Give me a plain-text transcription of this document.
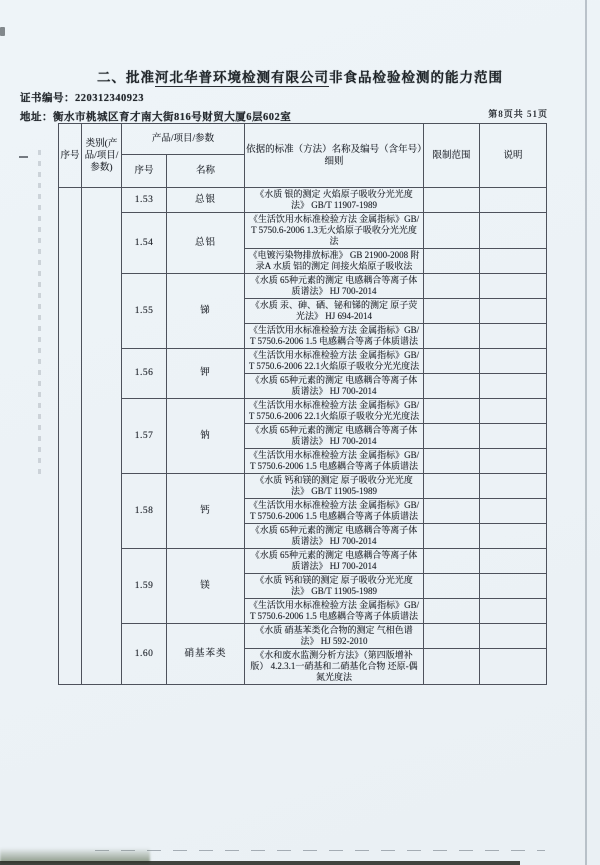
二、批准河北华普环境检测有限公司非食品检验检测的能力范围
证书编号：220312340923
地址：衡水市桃城区育才南大街816号财贸大厦6层602室	第8页共 51页
序号	类别(产品/项目/参数)	产品/项目/参数		依据的标准（方法）名称及编号（含年号）细则	限制范围	说明
		序号	名称			
		1.53	总银	《水质 银的测定 火焰原子吸收分光光度法》 GB/T 11907-1989		
		1.54	总铝	《生活饮用水标准检验方法 金属指标》GB/T 5750.6-2006 1.3无火焰原子吸收分光光度法		
				《电镀污染物排放标准》 GB 21900-2008 附录A 水质 铝的测定 间接火焰原子吸收法		
		1.55	锑	《水质 65种元素的测定 电感耦合等离子体质谱法》 HJ 700-2014		
				《水质 汞、砷、硒、铋和锑的测定 原子荧光法》 HJ 694-2014		
				《生活饮用水标准检验方法 金属指标》GB/T 5750.6-2006 1.5 电感耦合等离子体质谱法		
		1.56	钾	《生活饮用水标准检验方法 金属指标》GB/T 5750.6-2006 22.1火焰原子吸收分光光度法		
				《水质 65种元素的测定 电感耦合等离子体质谱法》 HJ 700-2014		
		1.57	钠	《生活饮用水标准检验方法 金属指标》GB/T 5750.6-2006 22.1火焰原子吸收分光光度法		
				《水质 65种元素的测定 电感耦合等离子体质谱法》 HJ 700-2014		
				《生活饮用水标准检验方法 金属指标》GB/T 5750.6-2006 1.5 电感耦合等离子体质谱法		
		1.58	钙	《水质 钙和镁的测定 原子吸收分光光度法》 GB/T 11905-1989		
				《生活饮用水标准检验方法 金属指标》GB/T 5750.6-2006 1.5 电感耦合等离子体质谱法		
				《水质 65种元素的测定 电感耦合等离子体质谱法》 HJ 700-2014		
		1.59	镁	《水质 65种元素的测定 电感耦合等离子体质谱法》 HJ 700-2014		
				《水质 钙和镁的测定 原子吸收分光光度法》 GB/T 11905-1989		
				《生活饮用水标准检验方法 金属指标》GB/T 5750.6-2006 1.5 电感耦合等离子体质谱法		
		1.60	硝基苯类	《水质 硝基苯类化合物的测定 气相色谱法》 HJ 592-2010		
				《水和废水监测分析方法》（第四版增补版） 4.2.3.1一硝基和二硝基化合物 还原-偶氮光度法		
